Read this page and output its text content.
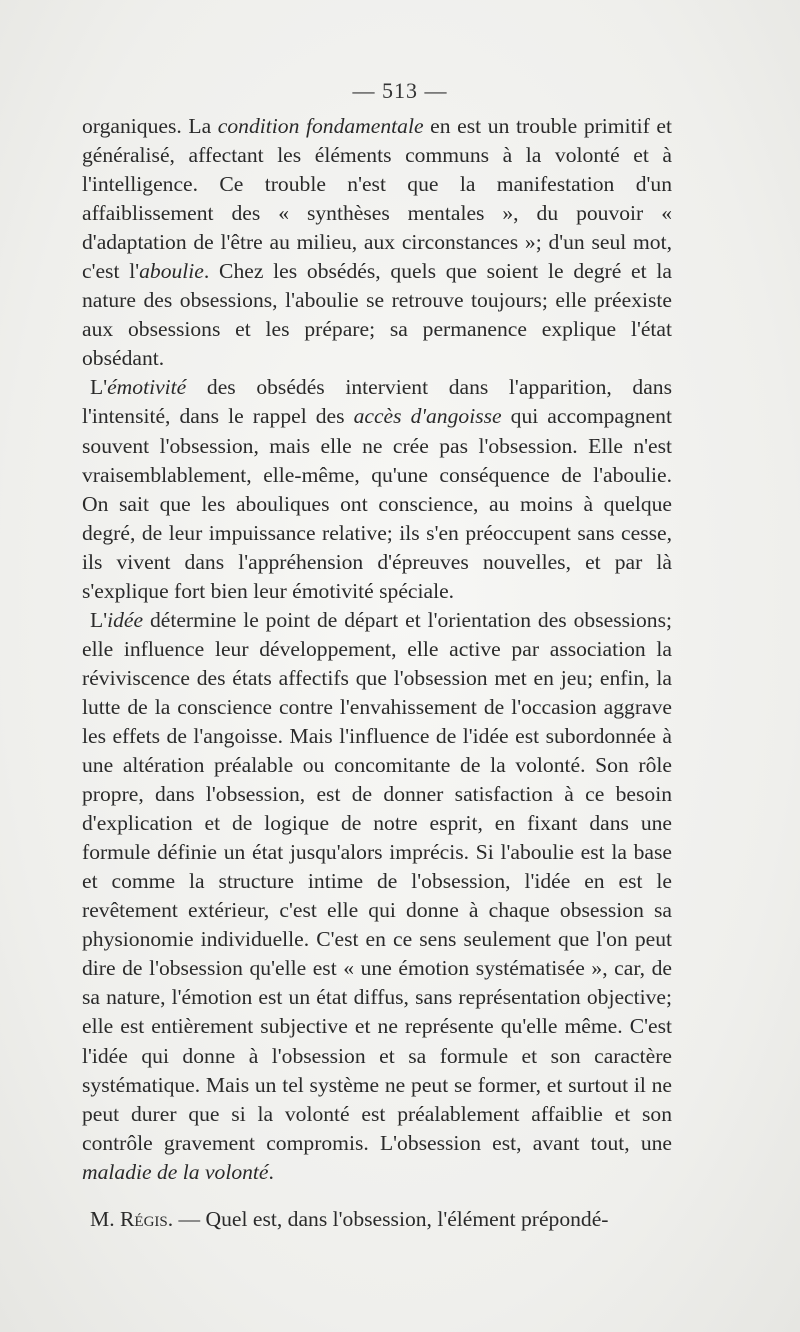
— 513 —

organiques. La condition fondamentale en est un trouble primitif et généralisé, affectant les éléments communs à la volonté et à l'intelligence. Ce trouble n'est que la manifestation d'un affaiblissement des « synthèses mentales », du pouvoir « d'adaptation de l'être au milieu, aux circonstances »; d'un seul mot, c'est l'aboulie. Chez les obsédés, quels que soient le degré et la nature des obsessions, l'aboulie se retrouve toujours; elle préexiste aux obsessions et les prépare; sa permanence explique l'état obsédant.

L'émotivité des obsédés intervient dans l'apparition, dans l'intensité, dans le rappel des accès d'angoisse qui accompagnent souvent l'obsession, mais elle ne crée pas l'obsession. Elle n'est vraisemblablement, elle-même, qu'une conséquence de l'aboulie. On sait que les abouliques ont conscience, au moins à quelque degré, de leur impuissance relative; ils s'en préoccupent sans cesse, ils vivent dans l'appréhension d'épreuves nouvelles, et par là s'explique fort bien leur émotivité spéciale.

L'idée détermine le point de départ et l'orientation des obsessions; elle influence leur développement, elle active par association la réviviscence des états affectifs que l'obsession met en jeu; enfin, la lutte de la conscience contre l'envahissement de l'occasion aggrave les effets de l'angoisse. Mais l'influence de l'idée est subordonnée à une altération préalable ou concomitante de la volonté. Son rôle propre, dans l'obsession, est de donner satisfaction à ce besoin d'explication et de logique de notre esprit, en fixant dans une formule définie un état jusqu'alors imprécis. Si l'aboulie est la base et comme la structure intime de l'obsession, l'idée en est le revêtement extérieur, c'est elle qui donne à chaque obsession sa physionomie individuelle. C'est en ce sens seulement que l'on peut dire de l'obsession qu'elle est « une émotion systématisée », car, de sa nature, l'émotion est un état diffus, sans représentation objective; elle est entièrement subjective et ne représente qu'elle même. C'est l'idée qui donne à l'obsession et sa formule et son caractère systématique. Mais un tel système ne peut se former, et surtout il ne peut durer que si la volonté est préalablement affaiblie et son contrôle gravement compromis. L'obsession est, avant tout, une maladie de la volonté.

M. Régis. — Quel est, dans l'obsession, l'élément prépondé-
